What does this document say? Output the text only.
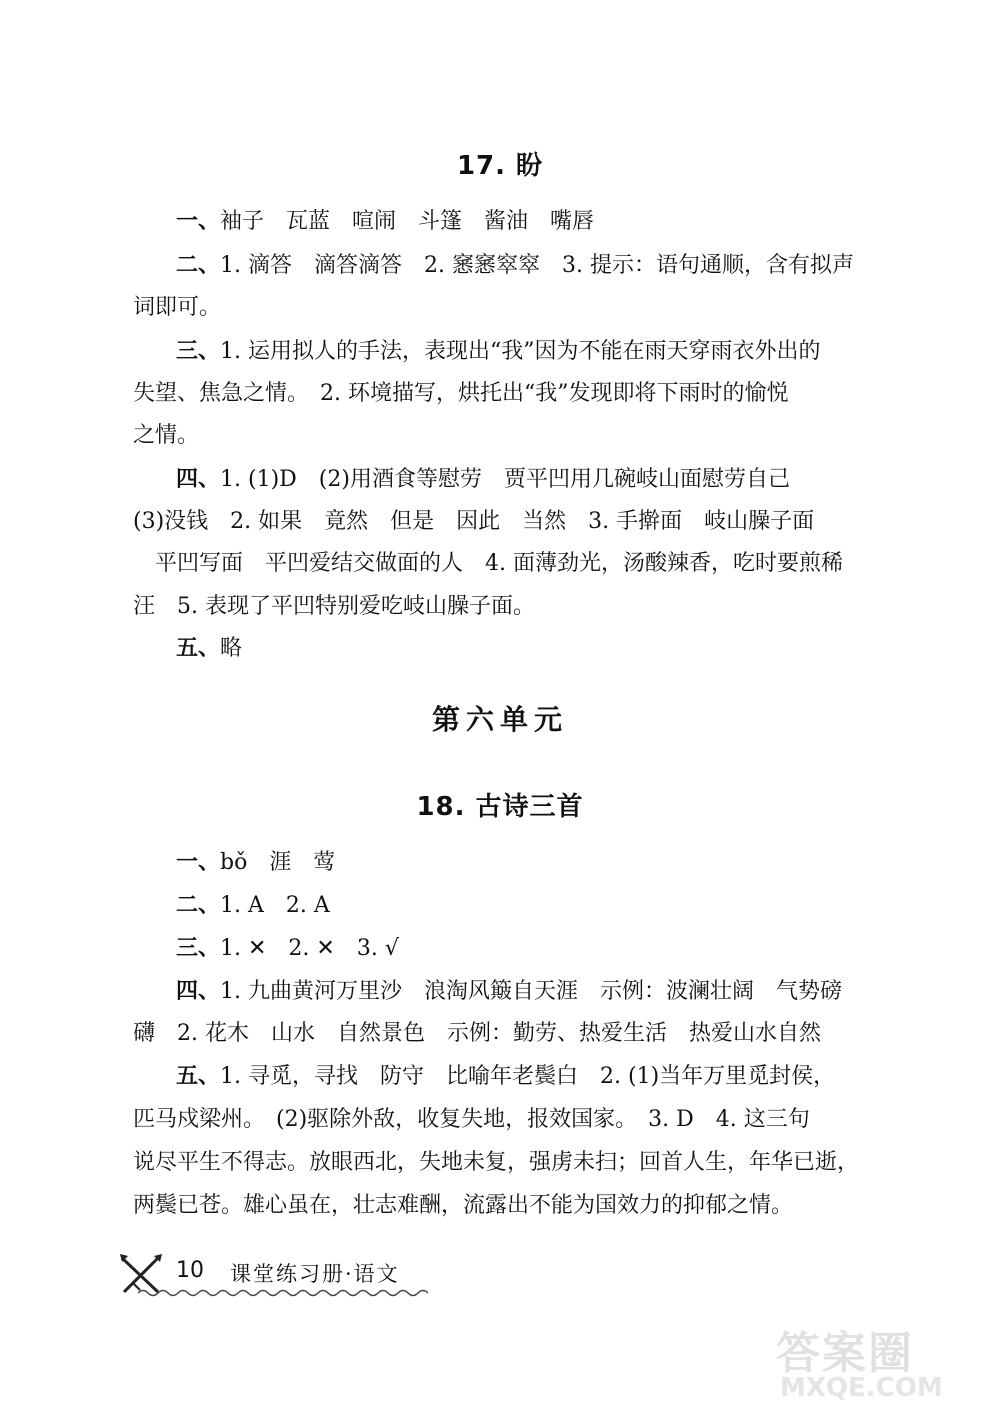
17. 盼
一、袖子　瓦蓝　喧闹　斗篷　酱油　嘴唇
二、1. 滴答　滴答滴答　2. 窸窸窣窣　3. 提示：语句通顺，含有拟声
词即可。
三、1. 运用拟人的手法，表现出“我”因为不能在雨天穿雨衣外出的
失望、焦急之情。　2. 环境描写，烘托出“我”发现即将下雨时的愉悦
之情。
四、1. (1)D　(2)用酒食等慰劳　贾平凹用几碗岐山面慰劳自己
(3)没钱　2. 如果　竟然　但是　因此　当然　3. 手擀面　岐山臊子面
　平凹写面　平凹爱结交做面的人　4. 面薄劲光，汤酸辣香，吃时要煎稀
汪　5. 表现了平凹特别爱吃岐山臊子面。
五、略
第六单元
18. 古诗三首
一、bǒ　涯　莺
二、1. A　2. A
三、1. ✕　2. ✕　3. √
四、1. 九曲黄河万里沙　浪淘风簸自天涯　示例：波澜壮阔　气势磅
礴　2. 花木　山水　自然景色　示例：勤劳、热爱生活　热爱山水自然
五、1. 寻觅，寻找　防守　比喻年老鬓白　2. (1)当年万里觅封侯，
匹马戍梁州。　(2)驱除外敌，收复失地，报效国家。　3. D　4. 这三句
说尽平生不得志。放眼西北，失地未复，强虏未扫；回首人生，年华已逝，
两鬓已苍。雄心虽在，壮志难酬，流露出不能为国效力的抑郁之情。
10 课堂练习册·语文
答案圈
MXQE.COM
